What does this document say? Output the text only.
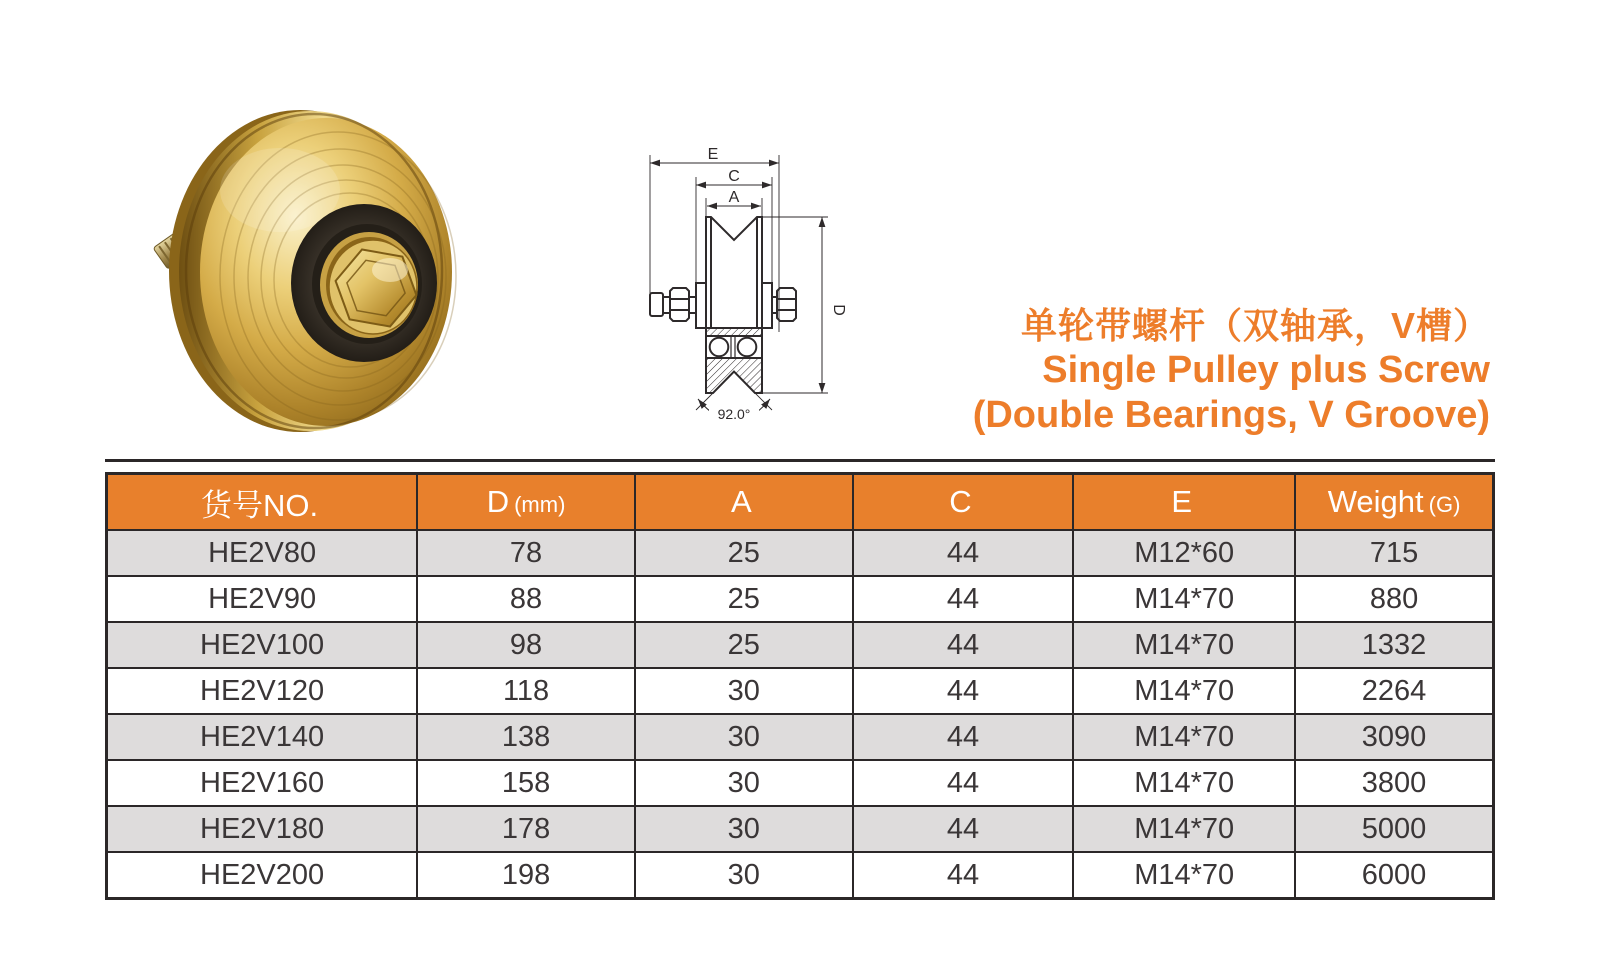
E
C
A
D
92.0°
单轮带螺杆（双轴承，V槽）
Single Pulley plus Screw
(Double Bearings, V Groove)
货号NO.	D (mm)	A	C	E	Weight (G)
HE2V80	78	25	44	M12*60	715
HE2V90	88	25	44	M14*70	880
HE2V100	98	25	44	M14*70	1332
HE2V120	118	30	44	M14*70	2264
HE2V140	138	30	44	M14*70	3090
HE2V160	158	30	44	M14*70	3800
HE2V180	178	30	44	M14*70	5000
HE2V200	198	30	44	M14*70	6000
